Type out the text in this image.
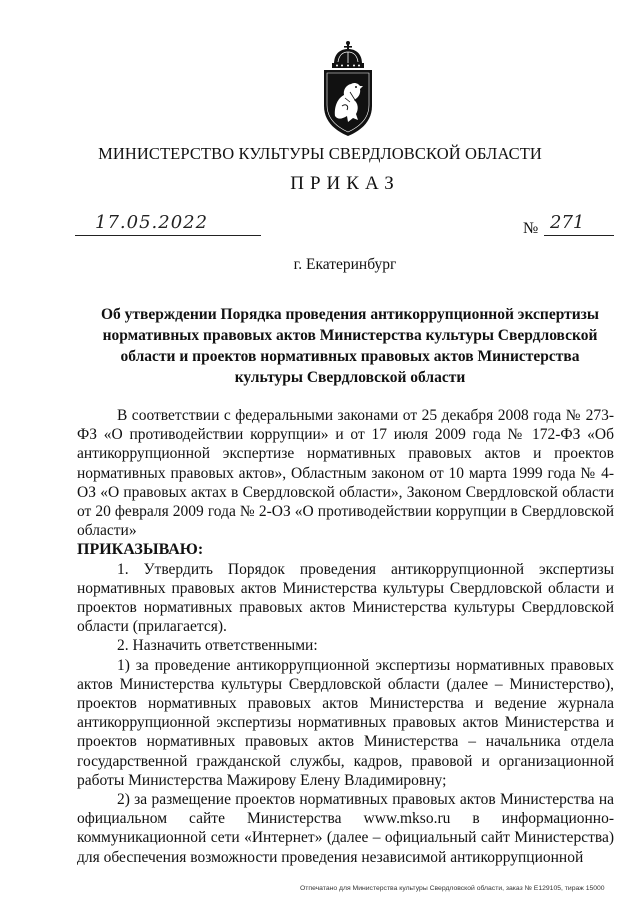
МИНИСТЕРСТВО КУЛЬТУРЫ СВЕРДЛОВСКОЙ ОБЛАСТИ
ПРИКАЗ
17.05.2022	№ 271
г. Екатеринбург
Об утверждении Порядка проведения антикоррупционной экспертизы нормативных правовых актов Министерства культуры Свердловской области и проектов нормативных правовых актов Министерства культуры Свердловской области

В соответствии с федеральными законами от 25 декабря 2008 года № 273-ФЗ «О противодействии коррупции» и от 17 июля 2009 года № 172-ФЗ «Об антикоррупционной экспертизе нормативных правовых актов и проектов нормативных правовых актов», Областным законом от 10 марта 1999 года № 4-ОЗ «О правовых актах в Свердловской области», Законом Свердловской области от 20 февраля 2009 года № 2-ОЗ «О противодействии коррупции в Свердловской области»

ПРИКАЗЫВАЮ:

1. Утвердить Порядок проведения антикоррупционной экспертизы нормативных правовых актов Министерства культуры Свердловской области и проектов нормативных правовых актов Министерства культуры Свердловской области (прилагается).

2. Назначить ответственными:

1) за проведение антикоррупционной экспертизы нормативных правовых актов Министерства культуры Свердловской области (далее – Министерство), проектов нормативных правовых актов Министерства и ведение журнала антикоррупционной экспертизы нормативных правовых актов Министерства и проектов нормативных правовых актов Министерства – начальника отдела государственной гражданской службы, кадров, правовой и организационной работы Министерства Мажирову Елену Владимировну;

2) за размещение проектов нормативных правовых актов Министерства на официальном сайте Министерства www.mkso.ru в информационно-коммуникационной сети «Интернет» (далее – официальный сайт Министерства) для обеспечения возможности проведения независимой антикоррупционной

Отпечатано для Министерства культуры Свердловской области, заказ № Е129105, тираж 15000
